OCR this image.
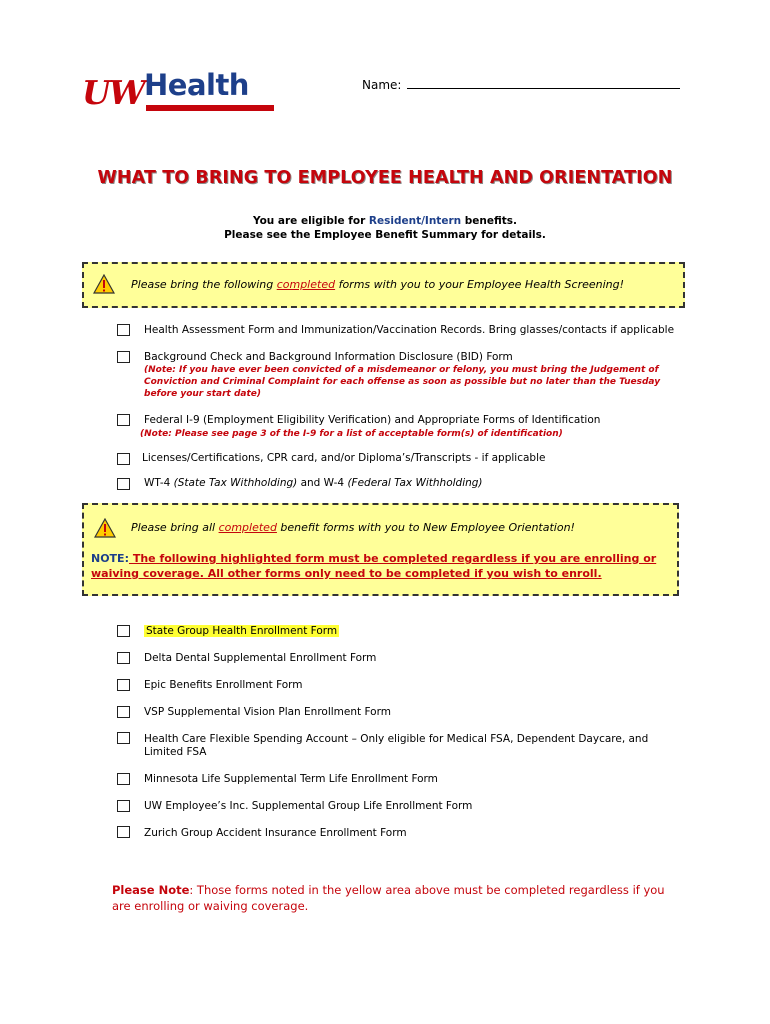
UW Health	Name:
WHAT TO BRING TO EMPLOYEE HEALTH AND ORIENTATION
You are eligible for Resident/Intern benefits.
Please see the Employee Benefit Summary for details.
Please bring the following completed forms with you to your Employee Health Screening!
Health Assessment Form and Immunization/Vaccination Records. Bring glasses/contacts if applicable
Background Check and Background Information Disclosure (BID) Form
(Note: If you have ever been convicted of a misdemeanor or felony, you must bring the Judgement of Conviction and Criminal Complaint for each offense as soon as possible but no later than the Tuesday before your start date)
Federal I-9 (Employment Eligibility Verification) and Appropriate Forms of Identification
(Note: Please see page 3 of the I-9 for a list of acceptable form(s) of identification)
Licenses/Certifications, CPR card, and/or Diploma’s/Transcripts - if applicable
WT-4 (State Tax Withholding) and W-4 (Federal Tax Withholding)
Please bring all completed benefit forms with you to New Employee Orientation!
NOTE: The following highlighted form must be completed regardless if you are enrolling or waiving coverage. All other forms only need to be completed if you wish to enroll.
State Group Health Enrollment Form
Delta Dental Supplemental Enrollment Form
Epic Benefits Enrollment Form
VSP Supplemental Vision Plan Enrollment Form
Health Care Flexible Spending Account – Only eligible for Medical FSA, Dependent Daycare, and Limited FSA
Minnesota Life Supplemental Term Life Enrollment Form
UW Employee’s Inc. Supplemental Group Life Enrollment Form
Zurich Group Accident Insurance Enrollment Form
Please Note: Those forms noted in the yellow area above must be completed regardless if you are enrolling or waiving coverage.
